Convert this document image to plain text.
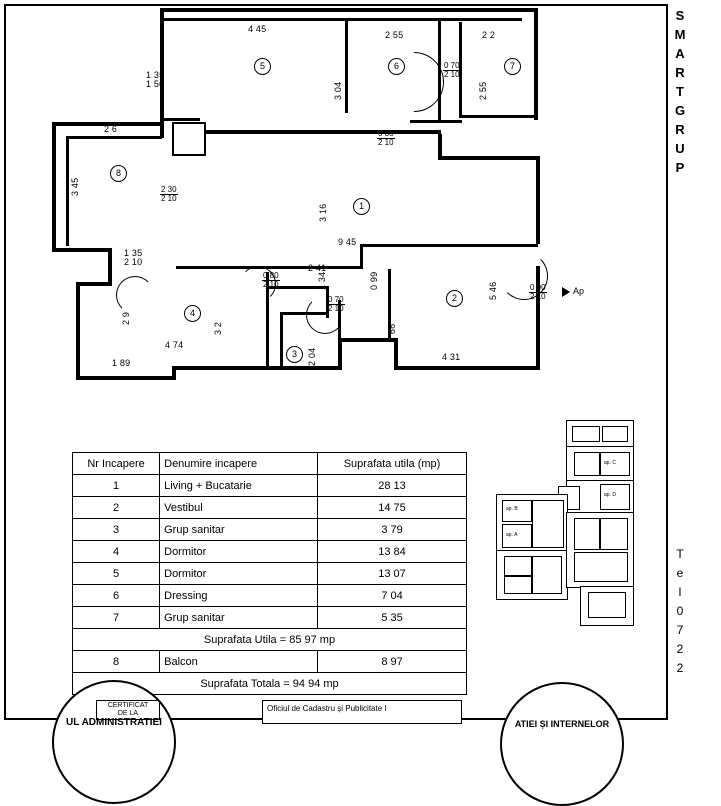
S
M
A
R
T
G
R
U
P
T
e
l
0
7
2
2
4 45
2 55	2 2
3 04	2 55
1 35
1 50
2 6
3 45
3 16
9 45
1 35
2 10
2 41
0 99
1 34
5 46
2 9
3 2
4 74
1 89	2 04
1 66
4 31
0 70
2 10
0 80
2 10
2 30
2 10
0 80
2 10
0 70
2 10
0 90
2 10
5	6	7
8
1
2
3
4
Ap
Nr Incapere	Denumire incapere	Suprafata utila (mp)
1	Living + Bucatarie	28 13
2	Vestibul	14 75
3	Grup sanitar	3 79
4	Dormitor	13 84
5	Dormitor	13 07
6	Dressing	7 04
7	Grup sanitar	5 35
Suprafata Utila = 85 97 mp		
8	Balcon	8 97
Suprafata Totala = 94 94 mp		
ap. C
ap. D
ap. B
ap. A
UL ADMINISTRATIEI
CERTIFICAT
DE LA
Oficiul de Cadastru și Publicitate I
ATIEI ȘI INTERNELOR
